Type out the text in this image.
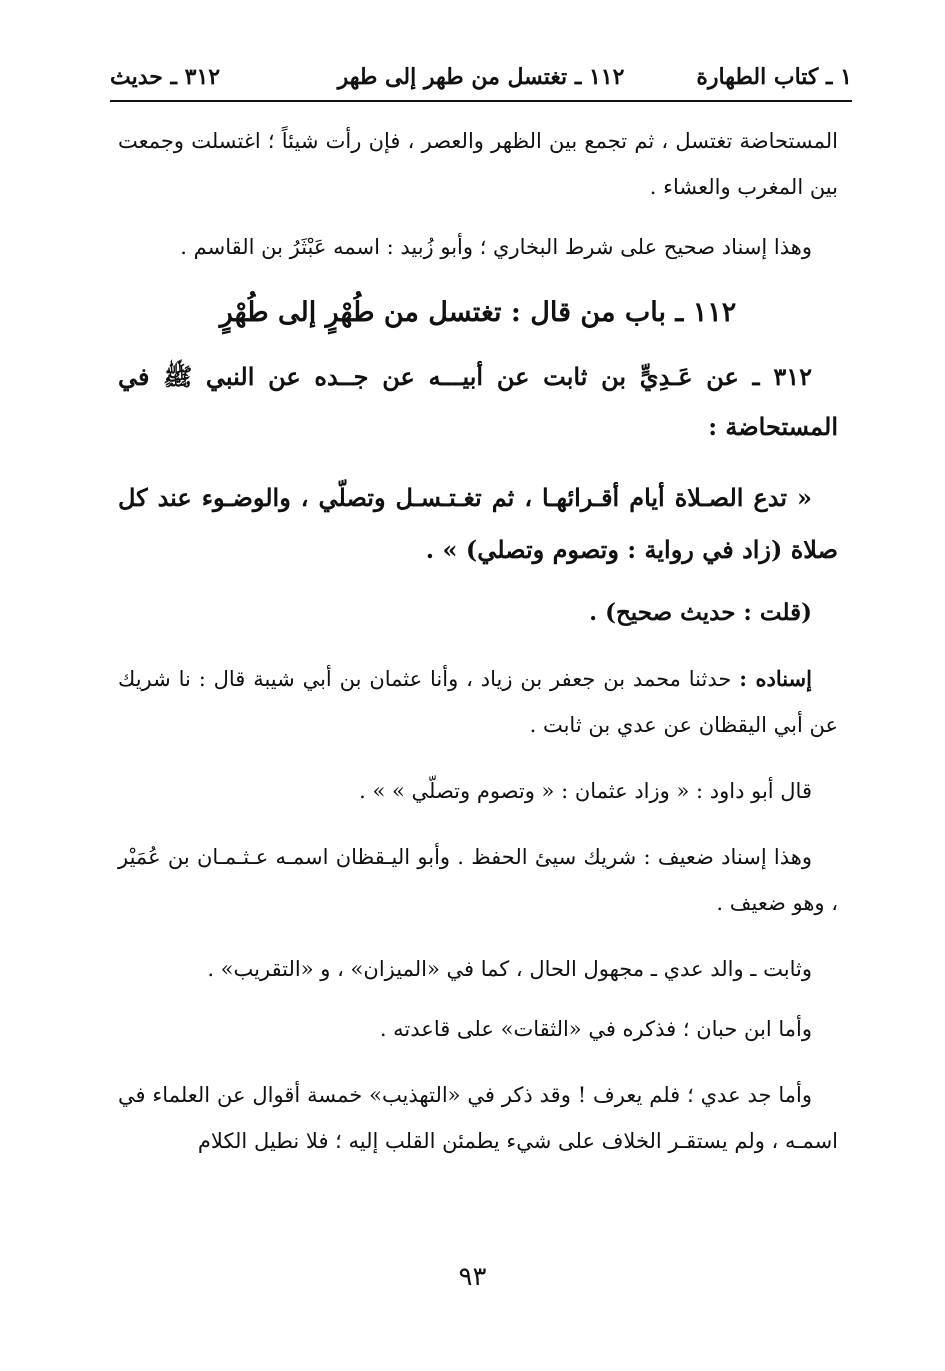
١ ـ كتاب الطهارة
١١٢ ـ تغتسل من طهر إلى طهر
٣١٢ ـ حديث

المستحاضة تغتسل ، ثم تجمع بين الظهر والعصر ، فإن رأت شيئاً ؛ اغتسلت وجمعت بين المغرب والعشاء .

وهذا إسناد صحيح على شرط البخاري ؛ وأبو زُبيد : اسمه عَبْثَرُ بن القاسم .

١١٢ ـ باب من قال : تغتسل من طُهْرٍ إلى طُهْرٍ

٣١٢ ـ عن عَـدِيٍّ بن ثابت عن أبيـــه عن جــده عن النبي ﷺ في المستحاضة :

« تدع الصـلاة أيام أقـرائهـا ، ثم تغـتـسـل وتصلّي ، والوضـوء عند كل صلاة (زاد في رواية : وتصوم وتصلي) » .

(قلت : حديث صحيح) .

إسناده : حدثنا محمد بن جعفر بن زياد ، وأنا عثمان بن أبي شيبة قال : نا شريك عن أبي اليقظان عن عدي بن ثابت .

قال أبو داود : « وزاد عثمان : « وتصوم وتصلّي » » .

وهذا إسناد ضعيف : شريك سيئ الحفظ . وأبو اليـقظان اسمـه عـثـمـان بن عُمَيْر ، وهو ضعيف .

وثابت ـ والد عدي ـ مجهول الحال ، كما في «الميزان» ، و «التقريب» .

وأما ابن حبان ؛ فذكره في «الثقات» على قاعدته .

وأما جد عدي ؛ فلم يعرف ! وقد ذكر في «التهذيب» خمسة أقوال عن العلماء في اسمـه ، ولم يستقـر الخلاف على شيء يطمئن القلب إليه ؛ فلا نطيل الكلام

٩٣
